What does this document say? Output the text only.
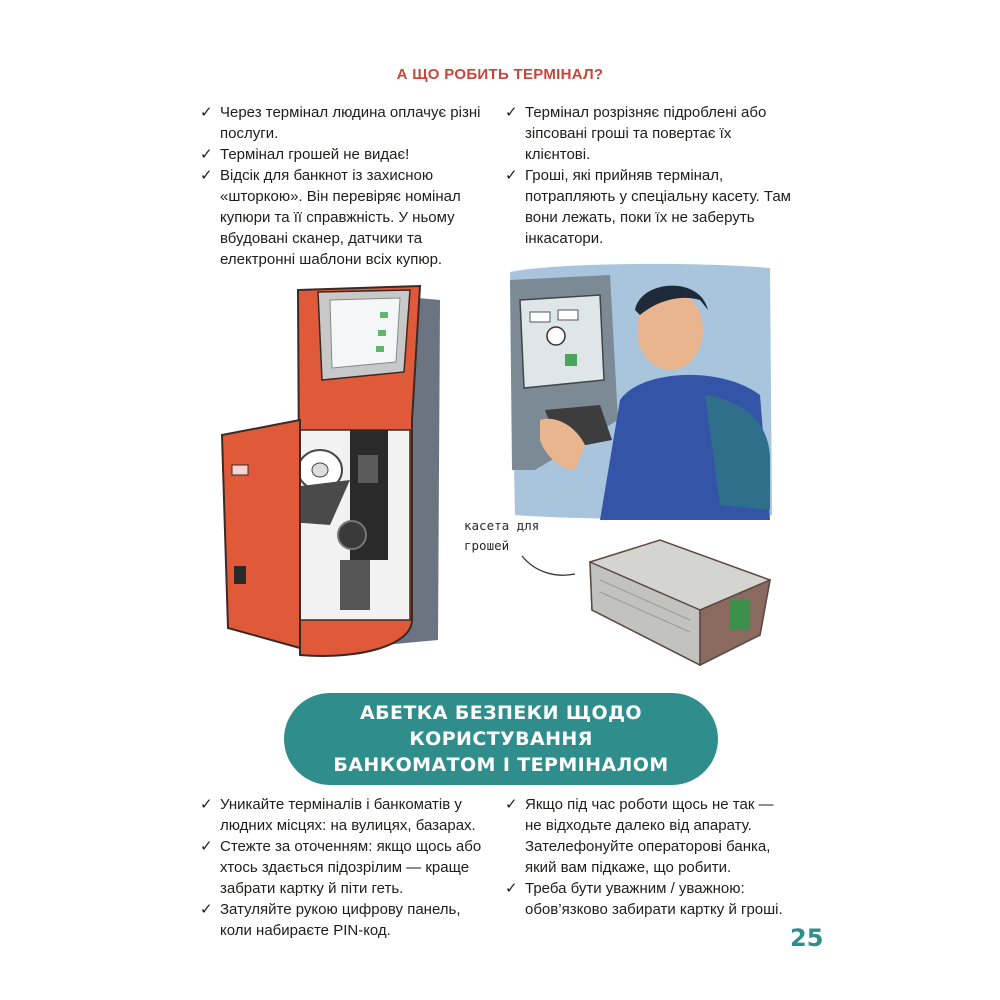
А ЩО РОБИТЬ ТЕРМІНАЛ?
✓ Через термінал людина оплачує різні послуги.
✓ Термінал грошей не видає!
✓ Відсік для банкнот із захисною «шторкою». Він перевіряє номінал купюри та її справжність. У ньому вбудовані сканер, датчики та електронні шаблони всіх купюр.
✓ Термінал розрізняє підроблені або зіпсовані гроші та повертає їх клієнтові.
✓ Гроші, які прийняв термінал, потрапляють у спеціальну касету. Там вони лежать, поки їх не заберуть інкасатори.
касета для
грошей
АБЕТКА БЕЗПЕКИ ЩОДО КОРИСТУВАННЯ
БАНКОМАТОМ І ТЕРМІНАЛОМ
✓ Уникайте терміналів і банкоматів у людних місцях: на вулицях, базарах.
✓ Стежте за оточенням: якщо щось або хтось здається підозрілим — краще забрати картку й піти геть.
✓ Затуляйте рукою цифрову панель, коли набираєте PIN-код.
✓ Якщо під час роботи щось не так — не відходьте далеко від апарату. Зателефонуйте операторові банка, який вам підкаже, що робити.
✓ Треба бути уважним / уважною: обов’язково забирати картку й гроші.
25
